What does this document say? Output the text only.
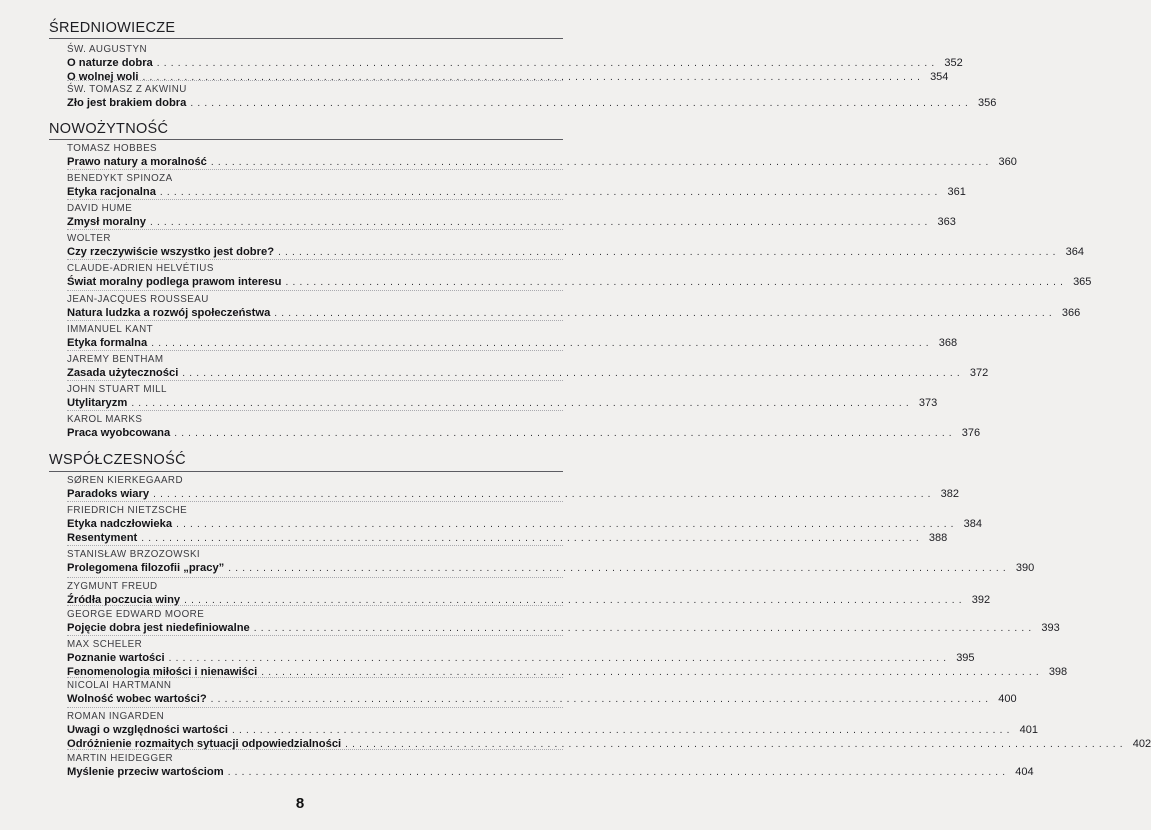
ŚREDNIOWIECZE
ŚW. AUGUSTYN
O naturze dobra ................................................................................................................ 352
O wolnej woli ................................................................................................................ 354
ŚW. TOMASZ Z AKWINU
Zło jest brakiem dobra ................................................................................................................ 356
NOWOŻYTNOŚĆ
TOMASZ HOBBES
Prawo natury a moralność ................................................................................................................ 360
BENEDYKT SPINOZA
Etyka racjonalna ................................................................................................................ 361
DAVID HUME
Zmysł moralny ................................................................................................................ 363
WOLTER
Czy rzeczywiście wszystko jest dobre? ................................................................................................................ 364
CLAUDE-ADRIEN HELVÉTIUS
Świat moralny podlega prawom interesu ................................................................................................................ 365
JEAN-JACQUES ROUSSEAU
Natura ludzka a rozwój społeczeństwa ................................................................................................................ 366
IMMANUEL KANT
Etyka formalna ................................................................................................................ 368
JAREMY BENTHAM
Zasada użyteczności ................................................................................................................ 372
JOHN STUART MILL
Utylitaryzm ................................................................................................................ 373
KAROL MARKS
Praca wyobcowana ................................................................................................................ 376
WSPÓŁCZESNOŚĆ
SØREN KIERKEGAARD
Paradoks wiary ................................................................................................................ 382
FRIEDRICH NIETZSCHE
Etyka nadczłowieka ................................................................................................................ 384
Resentyment ................................................................................................................ 388
STANISŁAW BRZOZOWSKI
Prolegomena filozofii „pracy” ................................................................................................................ 390
ZYGMUNT FREUD
Źródła poczucia winy ................................................................................................................ 392
GEORGE EDWARD MOORE
Pojęcie dobra jest niedefiniowalne ................................................................................................................ 393
MAX SCHELER
Poznanie wartości ................................................................................................................ 395
Fenomenologia miłości i nienawiści ................................................................................................................ 398
NICOLAI HARTMANN
Wolność wobec wartości? ................................................................................................................ 400
ROMAN INGARDEN
Uwagi o względności wartości ................................................................................................................ 401
Odróżnienie rozmaitych sytuacji odpowiedzialności ................................................................................................................ 402
MARTIN HEIDEGGER
Myślenie przeciw wartościom ................................................................................................................ 404
8
